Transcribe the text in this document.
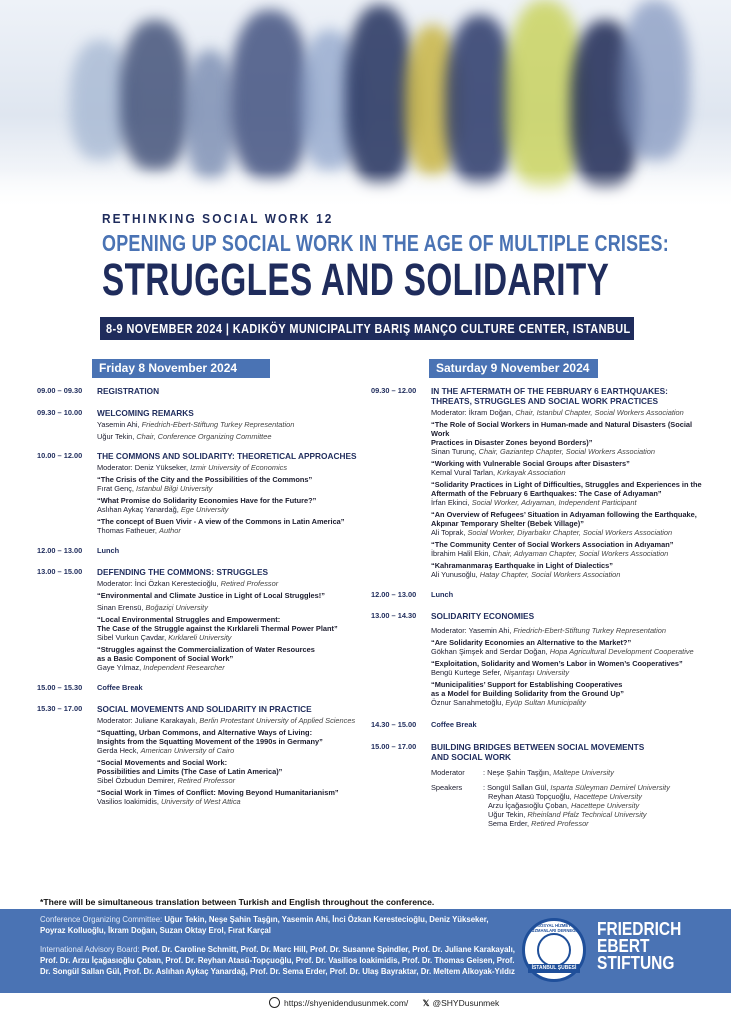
RETHINKING SOCIAL WORK 12
OPENING UP SOCIAL WORK IN THE AGE OF MULTIPLE CRISES:
STRUGGLES AND SOLIDARITY
8-9 NOVEMBER 2024 | KADIKÖY MUNICIPALITY BARIŞ MANÇO CULTURE CENTER, ISTANBUL
Friday 8 November 2024	Saturday 9 November 2024
09.00 – 09.30 REGISTRATION
09.30 – 10.00 WELCOMING REMARKS
Yasemin Ahi, Friedrich-Ebert-Stiftung Turkey Representation
Uğur Tekin, Chair, Conference Organizing Committee
10.00 – 12.00 THE COMMONS AND SOLIDARITY: THEORETICAL APPROACHES
Moderator: Deniz Yükseker, Izmir University of Economics
“The Crisis of the City and the Possibilities of the Commons”
Fırat Genç, Istanbul Bilgi University
“What Promise do Solidarity Economies Have for the Future?”
Aslıhan Aykaç Yanardağ, Ege University
“The concept of Buen Vivir - A view of the Commons in Latin America”
Thomas Fatheuer, Author
12.00 – 13.00 Lunch
13.00 – 15.00 DEFENDING THE COMMONS: STRUGGLES
Moderator: İnci Özkan Kerestecioğlu, Retired Professor
“Environmental and Climate Justice in Light of Local Struggles!”
Sinan Erensü, Boğaziçi University
“Local Environmental Struggles and Empowerment:
The Case of the Struggle against the Kırklareli Thermal Power Plant”
Sibel Vurkun Çavdar, Kırklareli University
“Struggles against the Commercialization of Water Resources
as a Basic Component of Social Work”
Gaye Yılmaz, Independent Researcher
15.00 – 15.30 Coffee Break
15.30 – 17.00 SOCIAL MOVEMENTS AND SOLIDARITY IN PRACTICE
Moderator: Juliane Karakayalı, Berlin Protestant University of Applied Sciences
“Squatting, Urban Commons, and Alternative Ways of Living:
Insights from the Squatting Movement of the 1990s in Germany”
Gerda Heck, American University of Cairo
“Social Movements and Social Work:
Possibilities and Limits (The Case of Latin America)”
Sibel Özbudun Demirer, Retired Professor
“Social Work in Times of Conflict: Moving Beyond Humanitarianism”
Vasilios Ioakimidis, University of West Attica
09.30 – 12.00 IN THE AFTERMATH OF THE FEBRUARY 6 EARTHQUAKES:
THREATS, STRUGGLES AND SOCIAL WORK PRACTICES
Moderator: İkram Doğan, Chair, Istanbul Chapter, Social Workers Association
“The Role of Social Workers in Human-made and Natural Disasters (Social Work
Practices in Disaster Zones beyond Borders)”
Sinan Turunç, Chair, Gaziantep Chapter, Social Workers Association
“Working with Vulnerable Social Groups after Disasters”
Kemal Vural Tarlan, Kırkayak Association
“Solidarity Practices in Light of Difficulties, Struggles and Experiences in the
Aftermath of the February 6 Earthquakes: The Case of Adıyaman”
İrfan Ekinci, Social Worker, Adıyaman, Independent Participant
“An Overview of Refugees’ Situation in Adıyaman following the Earthquake,
Akpınar Temporary Shelter (Bebek Village)”
Ali Toprak, Social Worker, Diyarbakır Chapter, Social Workers Association
“The Community Center of Social Workers Association in Adıyaman”
İbrahim Halil Ekin, Chair, Adıyaman Chapter, Social Workers Association
“Kahramanmaraş Earthquake in Light of Dialectics”
Ali Yunusoğlu, Hatay Chapter, Social Workers Association
12.00 – 13.00 Lunch
13.00 – 14.30 SOLIDARITY ECONOMIES
Moderator: Yasemin Ahi, Friedrich-Ebert-Stiftung Turkey Representation
“Are Solidarity Economies an Alternative to the Market?”
Gökhan Şimşek and Serdar Doğan, Hopa Agricultural Development Cooperative
“Exploitation, Solidarity and Women’s Labor in Women’s Cooperatives”
Bengü Kurtege Sefer, Nişantaşı University
“Municipalities’ Support for Establishing Cooperatives
as a Model for Building Solidarity from the Ground Up”
Öznur Sarıahmetoğlu, Eyüp Sultan Municipality
14.30 – 15.00 Coffee Break
15.00 – 17.00 BUILDING BRIDGES BETWEEN SOCIAL MOVEMENTS
AND SOCIAL WORK
Moderator	: Neşe Şahin Taşğın, Maltepe University
Speakers	: Songül Sallan Gül, Isparta Süleyman Demirel University
Reyhan Atasü Topçuoğlu, Hacettepe University
Arzu İçağasıoğlu Çoban, Hacettepe University
Uğur Tekin, Rheinland Pfalz Technical University
Sema Erder, Retired Professor
*There will be simultaneous translation between Turkish and English throughout the conference.
Conference Organizing Committee: Uğur Tekin, Neşe Şahin Taşğın, Yasemin Ahi, İnci Özkan Kerestecioğlu, Deniz Yükseker, Poyraz Kolluoğlu, İkram Doğan, Suzan Oktay Erol, Fırat Karçal
International Advisory Board: Prof. Dr. Caroline Schmitt, Prof. Dr. Marc Hill, Prof. Dr. Susanne Spindler, Prof. Dr. Juliane Karakayalı, Prof. Dr. Arzu İçağasıoğlu Çoban, Prof. Dr. Reyhan Atasü-Topçuoğlu, Prof. Dr. Vasilios Ioakimidis, Prof. Dr. Thomas Geisen, Prof. Dr. Songül Sallan Gül, Prof. Dr. Aslıhan Aykaç Yanardağ, Prof. Dr. Sema Erder, Prof. Dr. Ulaş Bayraktar, Dr. Meltem Alkoyak-Yıldız
SOSYAL HİZMET UZMANLARI DERNEĞİ
İSTANBUL ŞUBESİ
FRIEDRICH
EBERT
STIFTUNG
https://shyenidendusunmek.com/ 𝕏 @SHYDusunmek
